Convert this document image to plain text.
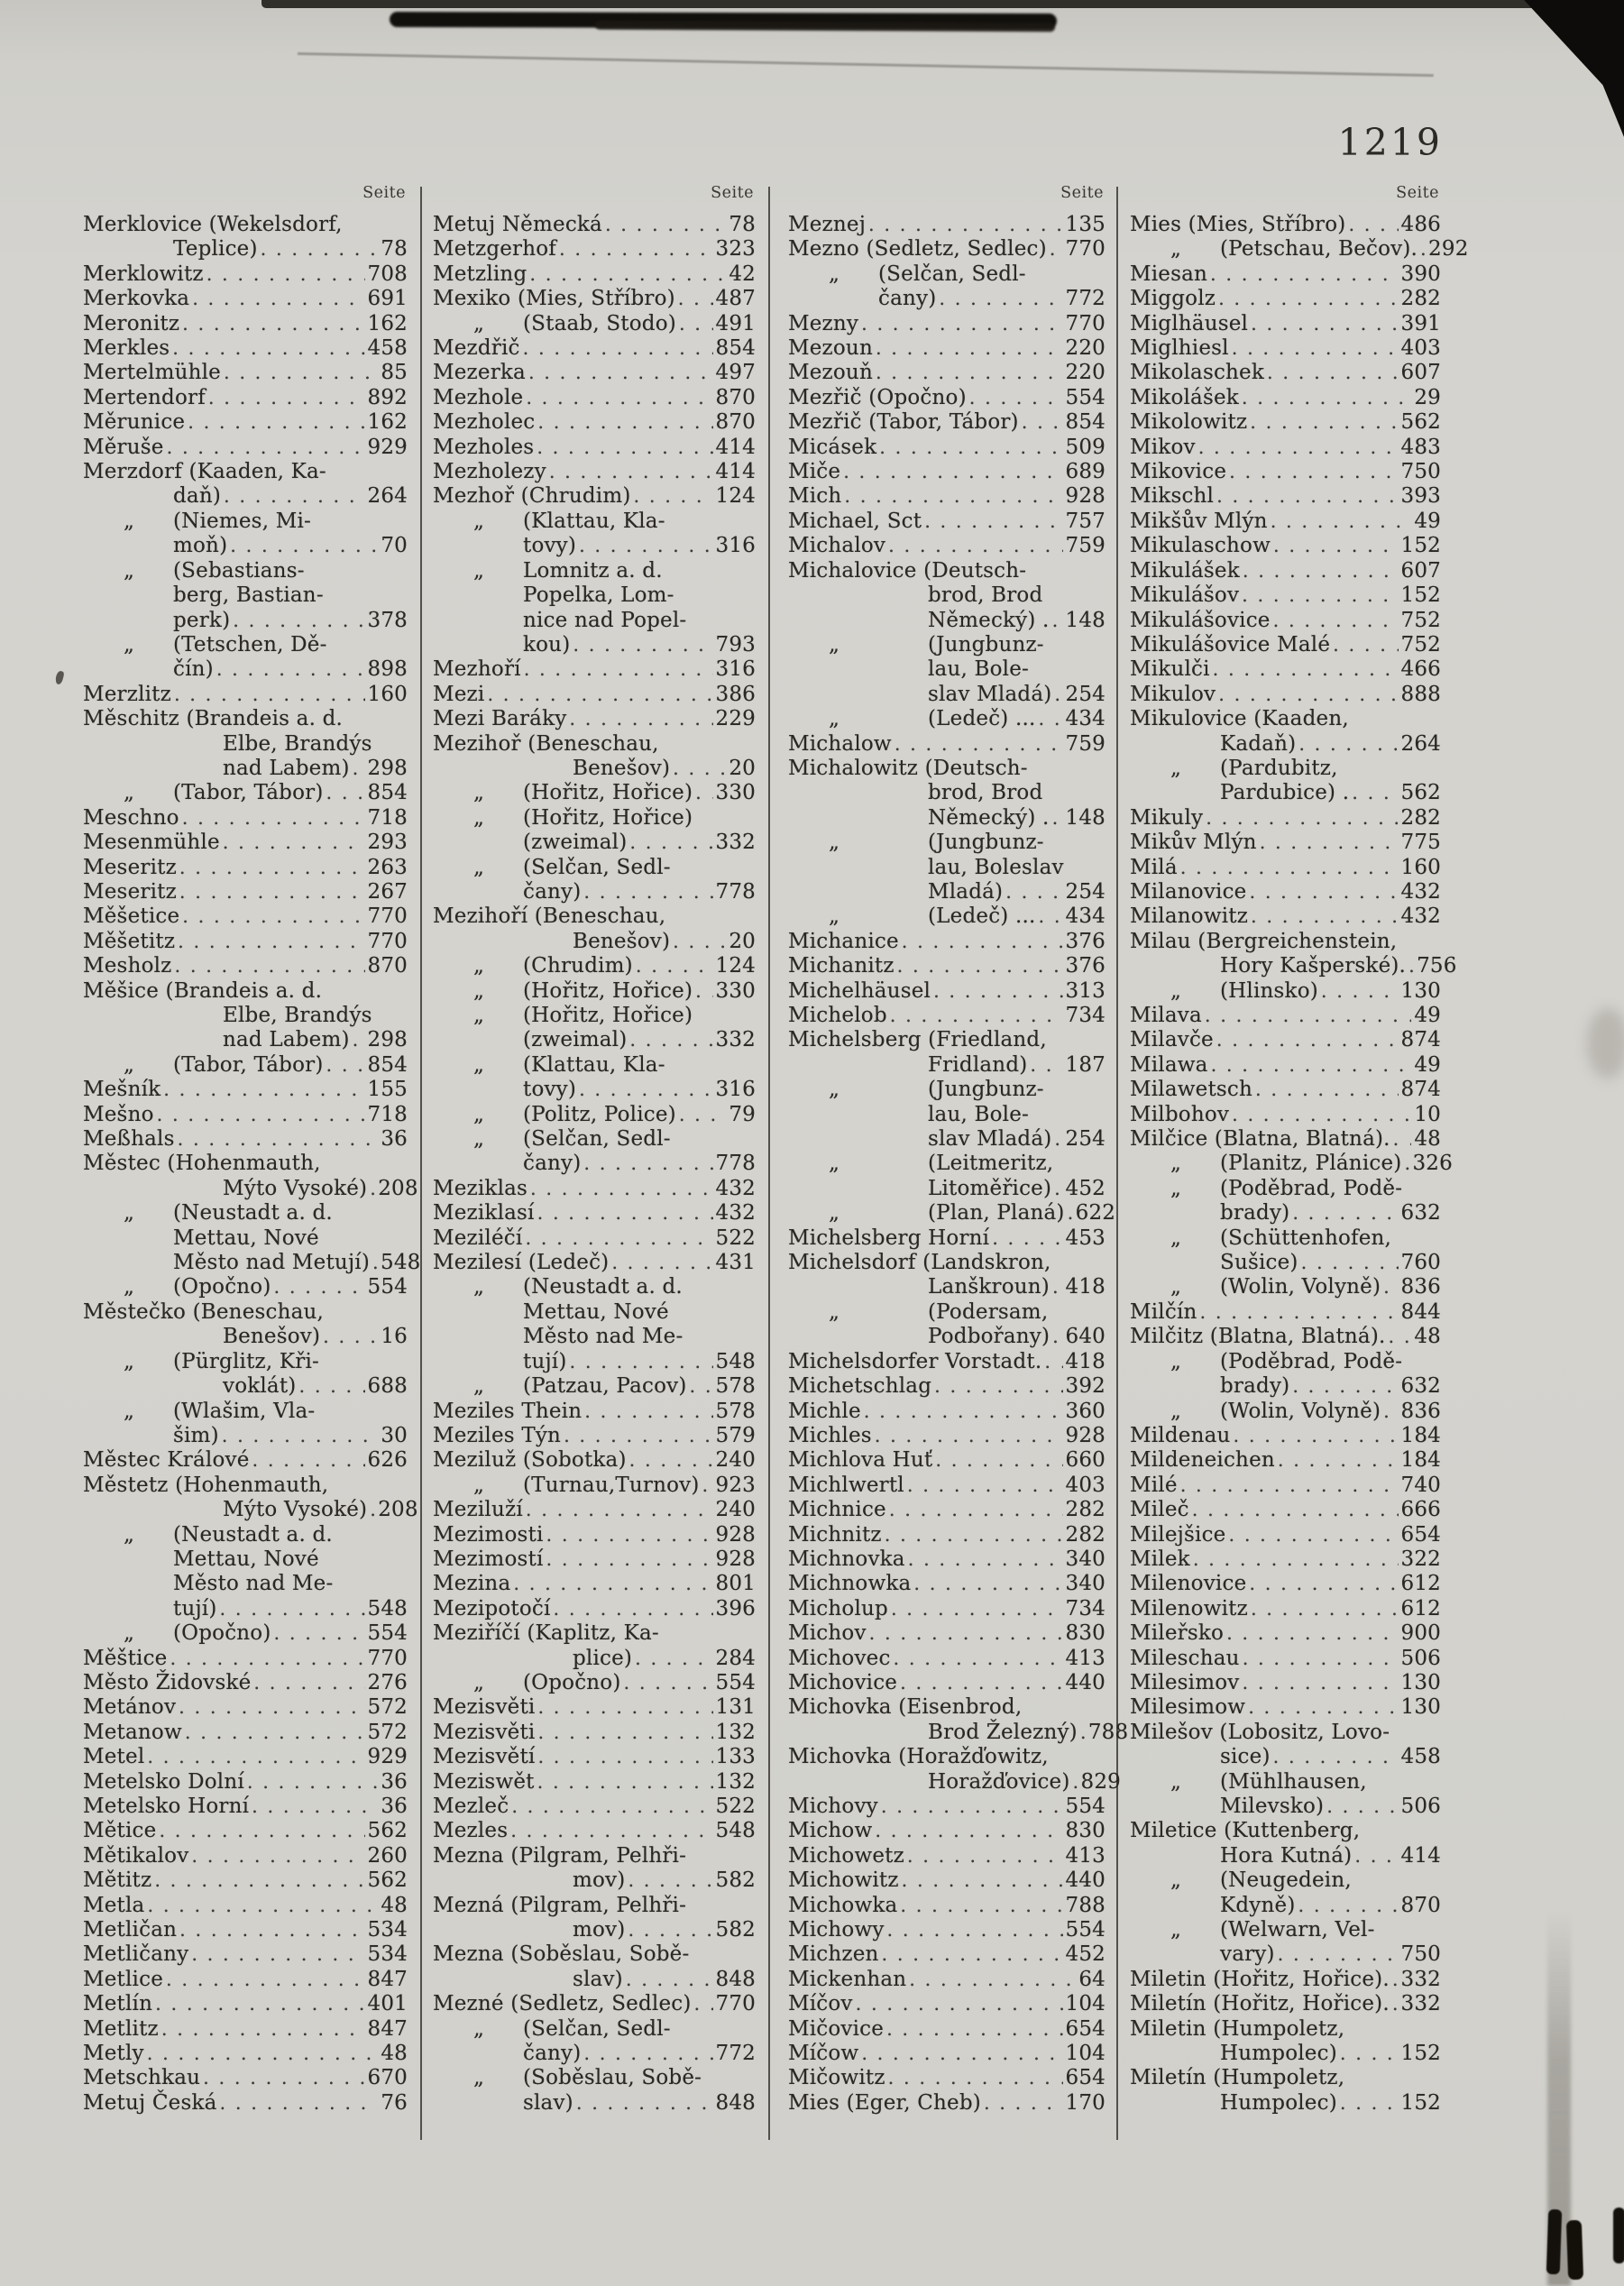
1219
Seite
Merklovice (Wekelsdorf,
Teplice) . . .	78
Merklowitz . . .	708
Merkovka . . .	691
Meronitz . . .	162
Merkles . . .	458
Mertelmühle . . .	85
Mertendorf . . .	892
Měrunice . . .	162
Měruše . . .	929
Merzdorf (Kaaden, Ka-
daň) . . .	264
„	(Niemes, Mi-
moň) . . .	70
„	(Sebastians-
berg, Bastian-
perk) . . .	378
„	(Tetschen, Dě-
čín) . . .	898
Merzlitz . . .	160
Měschitz (Brandeis a. d.
Elbe, Brandýs
nad Labem) . . . 298
„	(Tabor, Tábor) . . . 854
Meschno . . .	718
Mesenmühle . . .	293
Meseritz . . .	263
Meseritz . . .	267
Měšetice . . .	770
Měšetitz . . .	770
Mesholz . . .	870
Měšice (Brandeis a. d.
Elbe, Brandýs
nad Labem) . . . 298
„	(Tabor, Tábor) . . . 854
Mešník . . .	155
Mešno . . .	718
Meßhals . . .	36
Městec (Hohenmauth,
Mýto Vysoké) . . . 208
„	(Neustadt a. d.
Mettau, Nové
Město nad Metují) . . . 548
„	(Opočno) . . .	554
Městečko (Beneschau,
Benešov) . . .	16
„	(Pürglitz, Kři-
voklát) . . .	688
„	(Wlašim, Vla-
šim) . . .	30
Městec Králové . . .	626
Městetz (Hohenmauth,
Mýto Vysoké) . . . 208
„	(Neustadt a. d.
Mettau, Nové
Město nad Me-
tují) . . .	548
„	(Opočno) . . .	554
Měštice . . .	770
Město Židovské . . .	276
Metánov . . .	572
Metanow . . .	572
Metel . . .	929
Metelsko Dolní . . .	36
Metelsko Horní . . .	36
Mětice . . .	562
Mětikalov . . .	260
Mětitz . . .	562
Metla . . .	48
Metličan . . .	534
Metličany . . .	534
Metlice . . .	847
Metlín . . .	401
Metlitz . . .	847
Metly . . .	48
Metschkau . . .	670
Metuj Česká . . .	76
Seite
Metuj Německá . . .	78
Metzgerhof . . .	323
Metzling . . .	42
Mexiko (Mies, Stříbro) . . . 487
„	(Staab, Stodo) . . . 491
Mezdřič . . .	854
Mezerka . . .	497
Mezhole . . .	870
Mezholec . . .	870
Mezholes . . .	414
Mezholezy . . .	414
Mezhoř (Chrudim) . . .	124
„	(Klattau, Kla-
tovy) . . .	316
„	Lomnitz a. d.
Popelka, Lom-
nice nad Popel-
kou) . . .	793
Mezhoří . . .	316
Mezi . . .	386
Mezi Baráky . . .	229
Mezihoř (Beneschau,
Benešov) . . .	20
„	(Hořitz, Hořice) . . . 330
„	(Hořitz, Hořice)
(zweimal) . . .	332
„	(Selčan, Sedl-
čany) . . .	778
Mezihoří (Beneschau,
Benešov) . . .	20
„	(Chrudim) . . .	124
„	(Hořitz, Hořice) . . . 330
„	(Hořitz, Hořice)
(zweimal) . . .	332
„	(Klattau, Kla-
tovy) . . .	316
„	(Politz, Police) . . .	79
„	(Selčan, Sedl-
čany) . . .	778
Meziklas . . .	432
Meziklasí . . .	432
Meziléčí . . .	522
Mezilesí (Ledeč) . . .	431
„	(Neustadt a. d.
Mettau, Nové
Město nad Me-
tují) . . .	548
„	(Patzau, Pacov) . . . 578
Meziles Thein . . .	578
Meziles Týn . . .	579
Meziluž (Sobotka) . . .	240
„	(Turnau,Turnov) . . . 923
Meziluží . . .	240
Mezimosti . . .	928
Mezimostí . . .	928
Mezina . . .	801
Mezipotočí . . .	396
Meziříčí (Kaplitz, Ka-
plice) . . .	284
„	(Opočno) . . .	554
Mezisvěti . . .	131
Mezisvěti . . .	132
Mezisvětí . . .	133
Meziswět . . .	132
Mezleč . . .	522
Mezles . . .	548
Mezna (Pilgram, Pelhři-
mov) . . .	582
Mezná (Pilgram, Pelhři-
mov) . . .	582
Mezna (Soběslau, Sobě-
slav) . . .	848
Mezné (Sedletz, Sedlec) . . . 770
„	(Selčan, Sedl-
čany) . . .	772
„	(Soběslau, Sobě-
slav) . . .	848
Seite
Meznej . . .	135
Mezno (Sedletz, Sedlec) . . . 770
„	(Selčan, Sedl-
čany) . . .	772
Mezny . . .	770
Mezoun . . .	220
Mezouň . . .	220
Mezřič (Opočno) . . .	554
Mezřič (Tabor, Tábor) . . . 854
Micásek . . .	509
Miče . . .	689
Mich . . .	928
Michael, Sct . . .	757
Michalov . . .	759
Michalovice (Deutsch-
brod, Brod
Německý) . . . . 148
„	(Jungbunz-
lau, Bole-
slav Mladá) . . . 254
„	(Ledeč) ... . . . 434
Michalow . . .	759
Michalowitz (Deutsch-
brod, Brod
Německý) . . . . 148
„	(Jungbunz-
lau, Boleslav
Mladá) . . .	254
„	(Ledeč) ... . . . 434
Michanice . . .	376
Michanitz . . .	376
Michelhäusel . . .	313
Michelob . . .	734
Michelsberg (Friedland,
Fridland) . . . 187
„	(Jungbunz-
lau, Bole-
slav Mladá) . . . 254
„	(Leitmeritz,
Litoměřice) . . . 452
„	(Plan, Planá) . . . 622
Michelsberg Horní . . .	453
Michelsdorf (Landskron,
Lanškroun) . . . 418
„	(Podersam,
Podbořany) . . . 640
Michelsdorfer Vorstadt. . . . 418
Michetschlag . . .	392
Michle . . .	360
Michles . . .	928
Michlova Huť . . .	660
Michlwertl . . .	403
Michnice . . .	282
Michnitz . . .	282
Michnovka . . .	340
Michnowka . . .	340
Micholup . . .	734
Michov . . .	830
Michovec . . .	413
Michovice . . .	440
Michovka (Eisenbrod,
Brod Železný) . . . 788
Michovka (Horažďowitz,
Horažďovice) . . . 829
Michovy . . .	554
Michow . . .	830
Michowetz . . .	413
Michowitz . . .	440
Michowka . . .	788
Michowy . . .	554
Michzen . . .	452
Mickenhan . . .	64
Míčov . . .	104
Mičovice . . .	654
Míčow . . .	104
Mičowitz . . .	654
Mies (Eger, Cheb) . . .	170
Seite
Mies (Mies, Stříbro) . . .	486
„	(Petschau, Bečov). . . . 292
Miesan . . .	390
Miggolz . . .	282
Miglhäusel . . .	391
Miglhiesl . . .	403
Mikolaschek . . .	607
Mikolášek . . .	29
Mikolowitz . . .	562
Mikov . . .	483
Mikovice . . .	750
Mikschl . . .	393
Mikšův Mlýn . . .	49
Mikulaschow . . .	152
Mikulášek . . .	607
Mikulášov . . .	152
Mikulášovice . . .	752
Mikulášovice Malé . . .	752
Mikulči . . .	466
Mikulov . . .	888
Mikulovice (Kaaden,
Kadaň) . . .	264
„	(Pardubitz,
Pardubice) . . . . 562
Mikuly . . .	282
Mikův Mlýn . . .	775
Milá . . .	160
Milanovice . . .	432
Milanowitz . . .	432
Milau (Bergreichenstein,
Hory Kašperské). . . . 756
„	(Hlinsko) . . .	130
Milava . . .	49
Milavče . . .	874
Milawa . . .	49
Milawetsch . . .	874
Milbohov . . .	10
Milčice (Blatna, Blatná). . . . 48
„	(Planitz, Plánice) . . . 326
„	(Poděbrad, Podě-
brady) . . .	632
„	(Schüttenhofen,
Sušice) . . .	760
„	(Wolin, Volyně) . . . 836
Milčín . . .	844
Milčitz (Blatna, Blatná). . . . 48
„	(Poděbrad, Podě-
brady) . . .	632
„	(Wolin, Volyně) . . . 836
Mildenau . . .	184
Mildeneichen . . .	184
Milé . . .	740
Mileč . . .	666
Milejšice . . .	654
Milek . . .	322
Milenovice . . .	612
Milenowitz . . .	612
Mileřsko . . .	900
Mileschau . . .	506
Milesimov . . .	130
Milesimow . . .	130
Milešov (Lobositz, Lovo-
sice) . . .	458
„	(Mühlhausen,
Milevsko) . . .	506
Miletice (Kuttenberg,
Hora Kutná) . . . 414
„	(Neugedein,
Kdyně) . . .	870
„	(Welwarn, Vel-
vary) . . .	750
Miletin (Hořitz, Hořice). . . . 332
Miletín (Hořitz, Hořice). . . . 332
Miletin (Humpoletz,
Humpolec) . . .	152
Miletín (Humpoletz,
Humpolec) . . .	152
